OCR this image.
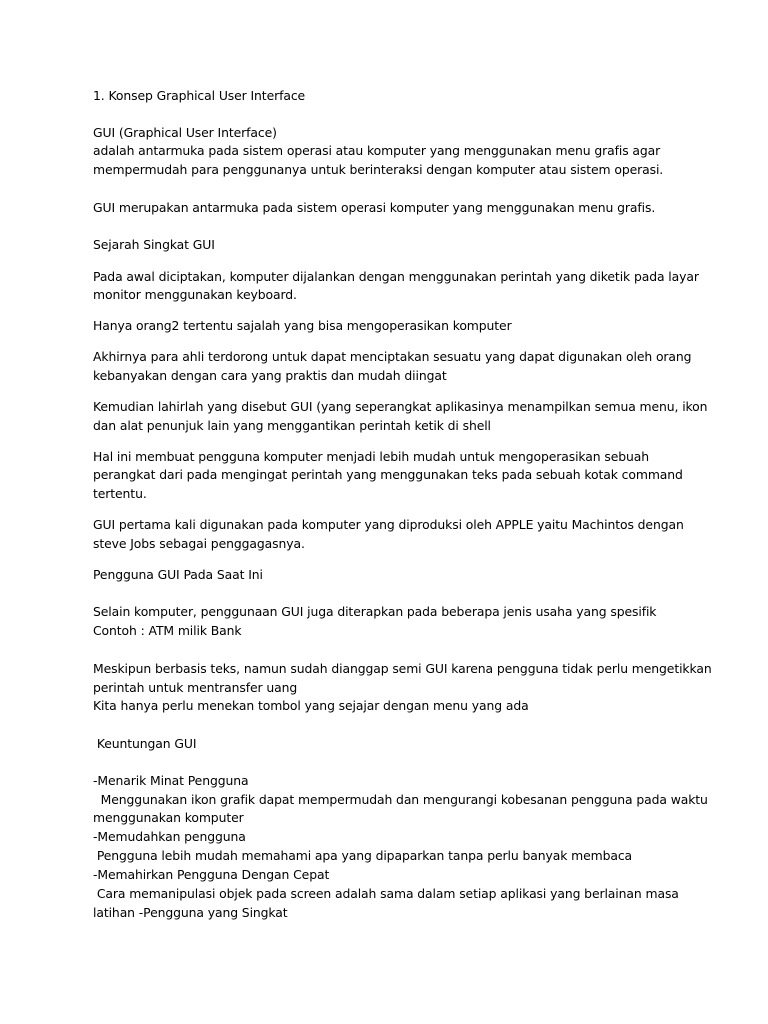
1. Konsep Graphical User Interface
GUI (Graphical User Interface)
adalah antarmuka pada sistem operasi atau komputer yang menggunakan menu grafis agar
mempermudah para penggunanya untuk berinteraksi dengan komputer atau sistem operasi.
GUI merupakan antarmuka pada sistem operasi komputer yang menggunakan menu grafis.
Sejarah Singkat GUI
Pada awal diciptakan, komputer dijalankan dengan menggunakan perintah yang diketik pada layar
monitor menggunakan keyboard.
Hanya orang2 tertentu sajalah yang bisa mengoperasikan komputer
Akhirnya para ahli terdorong untuk dapat menciptakan sesuatu yang dapat digunakan oleh orang
kebanyakan dengan cara yang praktis dan mudah diingat
Kemudian lahirlah yang disebut GUI (yang seperangkat aplikasinya menampilkan semua menu, ikon
dan alat penunjuk lain yang menggantikan perintah ketik di shell
Hal ini membuat pengguna komputer menjadi lebih mudah untuk mengoperasikan sebuah
perangkat dari pada mengingat perintah yang menggunakan teks pada sebuah kotak command
tertentu.
GUI pertama kali digunakan pada komputer yang diproduksi oleh APPLE yaitu Machintos dengan
steve Jobs sebagai penggagasnya.
Pengguna GUI Pada Saat Ini
Selain komputer, penggunaan GUI juga diterapkan pada beberapa jenis usaha yang spesifik
Contoh : ATM milik Bank
Meskipun berbasis teks, namun sudah dianggap semi GUI karena pengguna tidak perlu mengetikkan
perintah untuk mentransfer uang
Kita hanya perlu menekan tombol yang sejajar dengan menu yang ada
Keuntungan GUI
-Menarik Minat Pengguna
Menggunakan ikon grafik dapat mempermudah dan mengurangi kobesanan pengguna pada waktu
menggunakan komputer
-Memudahkan pengguna
Pengguna lebih mudah memahami apa yang dipaparkan tanpa perlu banyak membaca
-Memahirkan Pengguna Dengan Cepat
Cara memanipulasi objek pada screen adalah sama dalam setiap aplikasi yang berlainan masa
latihan -Pengguna yang Singkat
